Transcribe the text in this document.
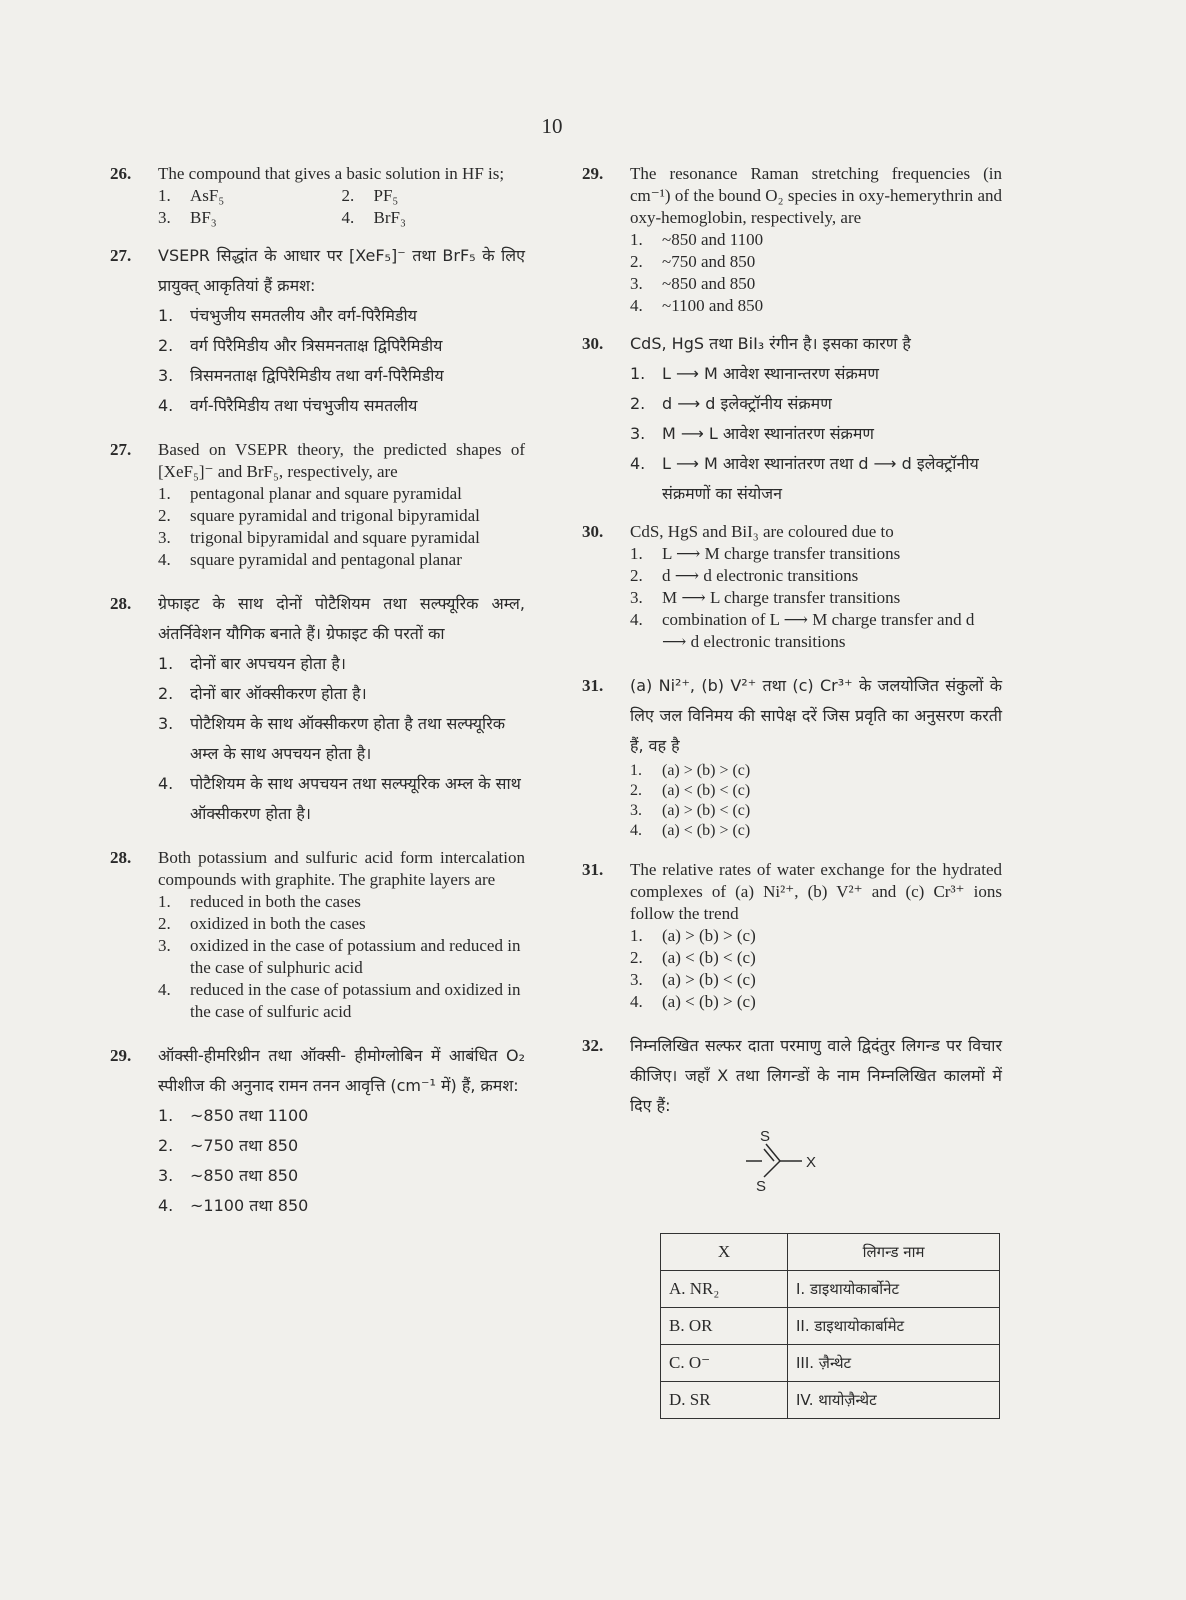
10
26.	The compound that gives a basic solution in HF is;
1.	AsF₅	2.	PF₅
3.	BF₃	4.	BrF₃
27.	VSEPR सिद्धांत के आधार पर [XeF₅]⁻ तथा BrF₅ के लिए प्रायुक्त् आकृतियां हैं क्रमश:
1.	पंचभुजीय समतलीय और वर्ग-पिरैमिडीय
2.	वर्ग पिरैमिडीय और त्रिसमनताक्ष द्विपिरैमिडीय
3.	त्रिसमनताक्ष द्विपिरैमिडीय तथा वर्ग-पिरैमिडीय
4.	वर्ग-पिरैमिडीय तथा पंचभुजीय समतलीय
27.	Based on VSEPR theory, the predicted shapes of [XeF₅]⁻ and BrF₅, respectively, are
1.	pentagonal planar and square pyramidal
2.	square pyramidal and trigonal bipyramidal
3.	trigonal bipyramidal and square pyramidal
4.	square pyramidal and pentagonal planar
28.	ग्रेफाइट के साथ दोनों पोटैशियम तथा सल्फ्यूरिक अम्ल, अंतर्निवेशन यौगिक बनाते हैं। ग्रेफाइट की परतों का
1.	दोनों बार अपचयन होता है।
2.	दोनों बार ऑक्सीकरण होता है।
3.	पोटैशियम के साथ ऑक्सीकरण होता है तथा सल्फ्यूरिक अम्ल के साथ अपचयन होता है।
4.	पोटैशियम के साथ अपचयन तथा सल्फ्यूरिक अम्ल के साथ ऑक्सीकरण होता है।
28.	Both potassium and sulfuric acid form intercalation compounds with graphite. The graphite layers are
1.	reduced in both the cases
2.	oxidized in both the cases
3.	oxidized in the case of potassium and reduced in the case of sulphuric acid
4.	reduced in the case of potassium and oxidized in the case of sulfuric acid
29.	ऑक्सी-हीमरिथ्रीन तथा ऑक्सी- हीमोग्लोबिन में आबंधित O₂ स्पीशीज की अनुनाद रामन तनन आवृत्ति (cm⁻¹ में) हैं, क्रमश:
1.	~850 तथा 1100
2.	~750 तथा 850
3.	~850 तथा 850
4.	~1100 तथा 850
29.	The resonance Raman stretching frequencies (in cm⁻¹) of the bound O₂ species in oxy-hemerythrin and oxy-hemoglobin, respectively, are
1.	~850 and 1100
2.	~750 and 850
3.	~850 and 850
4.	~1100 and 850
30.	CdS, HgS तथा BiI₃ रंगीन है। इसका कारण है
1.	L ⟶ M आवेश स्थानान्तरण संक्रमण
2.	d ⟶ d इलेक्ट्रॉनीय संक्रमण
3.	M ⟶ L आवेश स्थानांतरण संक्रमण
4.	L ⟶ M आवेश स्थानांतरण तथा d ⟶ d इलेक्ट्रॉनीय संक्रमणों का संयोजन
30.	CdS, HgS and BiI₃ are coloured due to
1.	L ⟶ M charge transfer transitions
2.	d ⟶ d electronic transitions
3.	M ⟶ L charge transfer transitions
4.	combination of L ⟶ M charge transfer and d ⟶ d electronic transitions
31.	(a) Ni²⁺, (b) V²⁺ तथा (c) Cr³⁺ के जलयोजित संकुलों के लिए जल विनिमय की सापेक्ष दरें जिस प्रवृति का अनुसरण करती हैं, वह है
1.	(a) > (b) > (c)
2.	(a) < (b) < (c)
3.	(a) > (b) < (c)
4.	(a) < (b) > (c)
31.	The relative rates of water exchange for the hydrated complexes of (a) Ni²⁺, (b) V²⁺ and (c) Cr³⁺ ions follow the trend
1.	(a) > (b) > (c)
2.	(a) < (b) < (c)
3.	(a) > (b) < (c)
4.	(a) < (b) > (c)
32.	निम्नलिखित सल्फर दाता परमाणु वाले द्विदंतुर लिगन्ड पर विचार कीजिए। जहाँ X तथा लिगन्डों के नाम निम्नलिखित कालमों में दिए हैं:
S
S
X
X	लिगन्ड नाम
A. NR₂	I. डाइथायोकार्बोनेट
B. OR	II. डाइथायोकार्बामेट
C. O⁻	III. ज़ैन्थेट
D. SR	IV. थायोज़ैन्थेट
